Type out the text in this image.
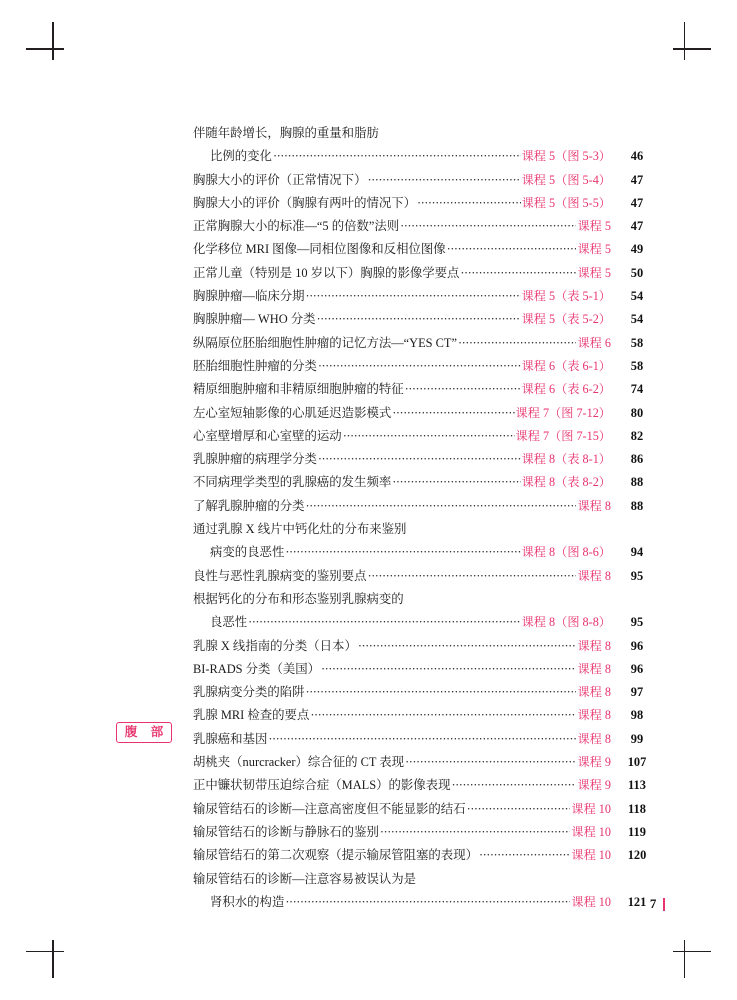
腹 部
伴随年龄增长，胸腺的重量和脂肪
比例的变化 ·····	课程 5（图 5-3）	46
胸腺大小的评价（正常情况下） ·····	课程 5（图 5-4）	47
胸腺大小的评价（胸腺有两叶的情况下） ·····	课程 5（图 5-5）	47
正常胸腺大小的标准—“5 的倍数”法则 ·····	课程 5	47
化学移位 MRI 图像—同相位图像和反相位图像 ·····	课程 5	49
正常儿童（特别是 10 岁以下）胸腺的影像学要点 ·····	课程 5	50
胸腺肿瘤—临床分期 ·····	课程 5（表 5-1）	54
胸腺肿瘤— WHO 分类 ·····	课程 5（表 5-2）	54
纵隔原位胚胎细胞性肿瘤的记忆方法—“YES CT” ·····	课程 6	58
胚胎细胞性肿瘤的分类 ·····	课程 6（表 6-1）	58
精原细胞肿瘤和非精原细胞肿瘤的特征 ·····	课程 6（表 6-2）	74
左心室短轴影像的心肌延迟造影模式 ·····	课程 7（图 7-12）	80
心室壁增厚和心室壁的运动 ·····	课程 7（图 7-15）	82
乳腺肿瘤的病理学分类 ·····	课程 8（表 8-1）	86
不同病理学类型的乳腺癌的发生频率 ·····	课程 8（表 8-2）	88
了解乳腺肿瘤的分类 ·····	课程 8	88
通过乳腺 X 线片中钙化灶的分布来鉴别
病变的良恶性 ·····	课程 8（图 8-6）	94
良性与恶性乳腺病变的鉴别要点 ·····	课程 8	95
根据钙化的分布和形态鉴别乳腺病变的
良恶性 ·····	课程 8（图 8-8）	95
乳腺 X 线指南的分类（日本） ·····	课程 8	96
BI-RADS 分类（美国） ·····	课程 8	96
乳腺病变分类的陷阱 ·····	课程 8	97
乳腺 MRI 检查的要点 ·····	课程 8	98
乳腺癌和基因 ·····	课程 8	99
胡桃夹（nurcracker）综合征的 CT 表现 ·····	课程 9	107
正中镰状韧带压迫综合症（MALS）的影像表现 ·····	课程 9	113
输尿管结石的诊断—注意高密度但不能显影的结石 ·····	课程 10	118
输尿管结石的诊断与静脉石的鉴别 ·····	课程 10	119
输尿管结石的第二次观察（提示输尿管阻塞的表现） ·····	课程 10	120
输尿管结石的诊断—注意容易被误认为是
肾积水的构造 ·····	课程 10	121 7
